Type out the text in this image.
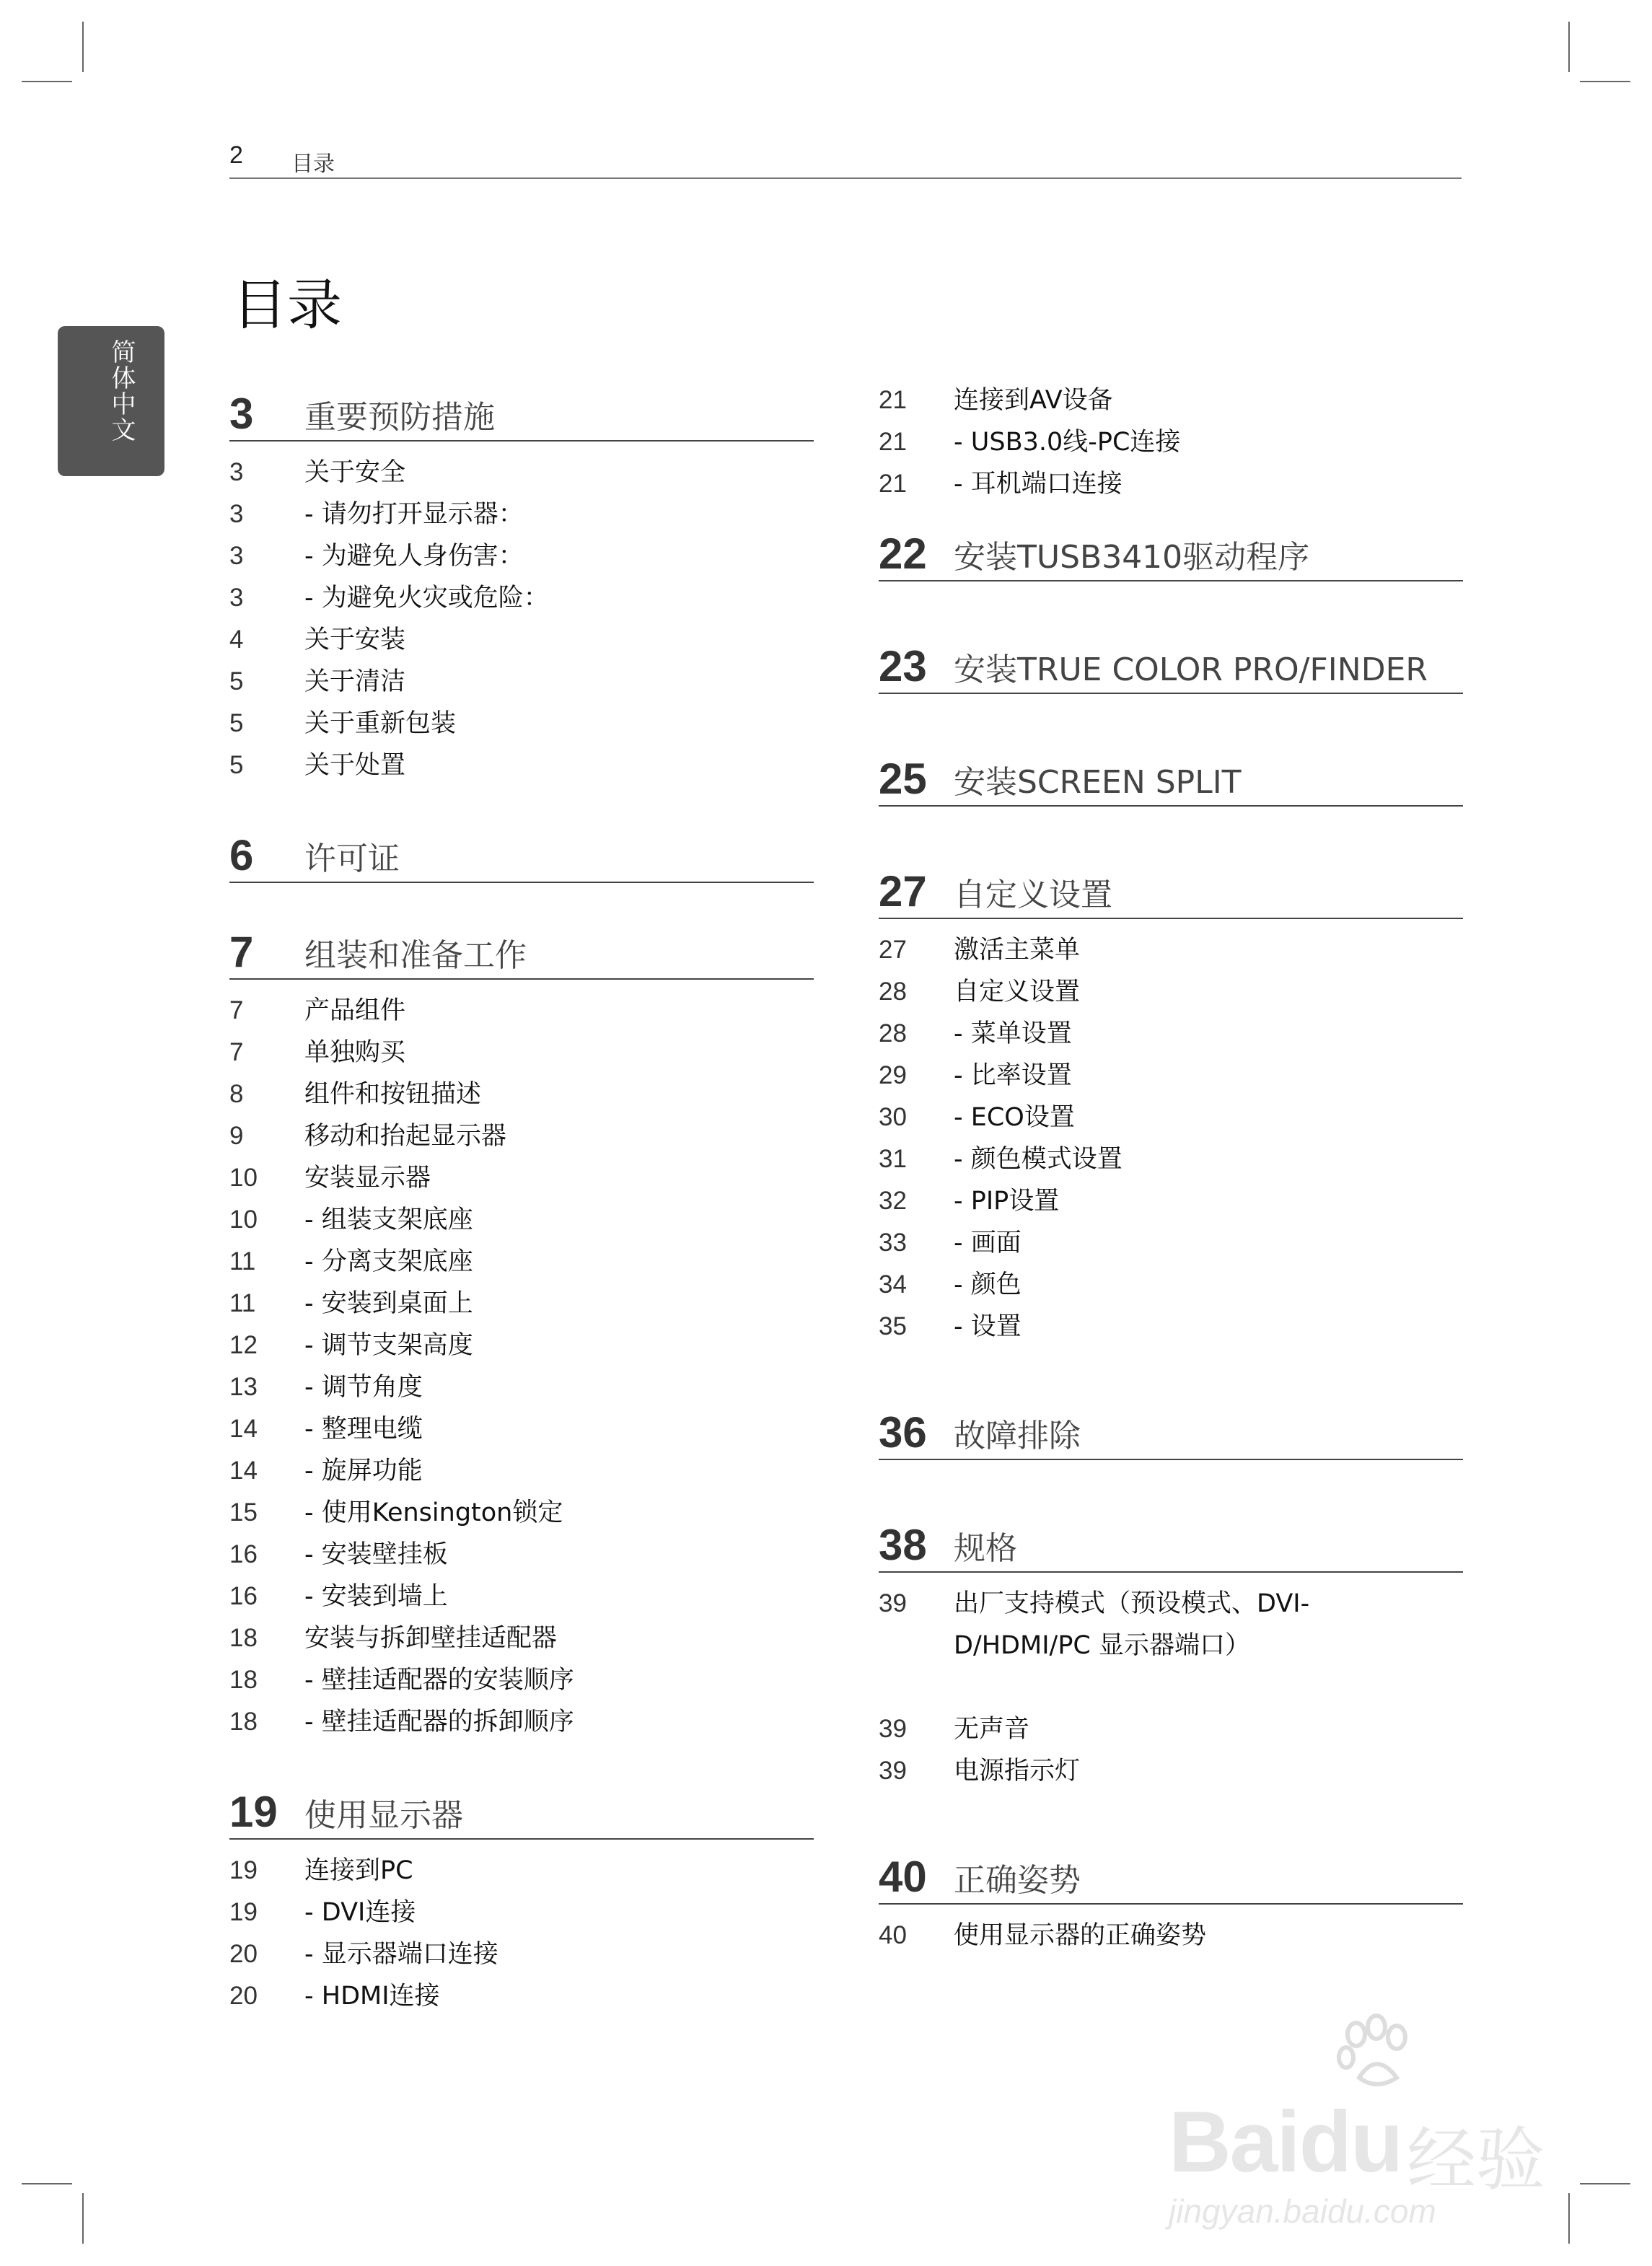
2 目录
目录
简体中文 3 重要预防措施
3 关于安全
3 - 请勿打开显示器：
3 - 为避免人身伤害：
3 - 为避免火灾或危险：
4 关于安装
5 关于清洁
5 关于重新包装
5 关于处置
6 许可证
7 组装和准备工作
7 产品组件
7 单独购买
8 组件和按钮描述
9 移动和抬起显示器
10 安装显示器
10 - 组装支架底座
11 - 分离支架底座
11 - 安装到桌面上
12 - 调节支架高度
13 - 调节角度
14 - 整理电缆
14 - 旋屏功能
15 - 使用Kensington锁定
16 - 安装壁挂板
16 - 安装到墙上
18 安装与拆卸壁挂适配器
18 - 壁挂适配器的安装顺序
18 - 壁挂适配器的拆卸顺序
19 使用显示器
19 连接到PC
19 - DVI连接
20 - 显示器端口连接
20 - HDMI连接
21 连接到AV设备
21 - USB3.0线-PC连接
21 - 耳机端口连接
22 安装TUSB3410驱动程序
23 安装TRUE COLOR PRO/FINDER
25 安装SCREEN SPLIT
27 自定义设置
27 激活主菜单
28 自定义设置
28 - 菜单设置
29 - 比率设置
30 - ECO设置
31 - 颜色模式设置
32 - PIP设置
33 - 画面
34 - 颜色
35 - 设置
36 故障排除
38 规格
39 出厂支持模式（预设模式、DVI-D/HDMI/PC 显示器端口）
39 无声音
39 电源指示灯
40 正确姿势
40 使用显示器的正确姿势
Baidu 经验
jingyan.baidu.com
